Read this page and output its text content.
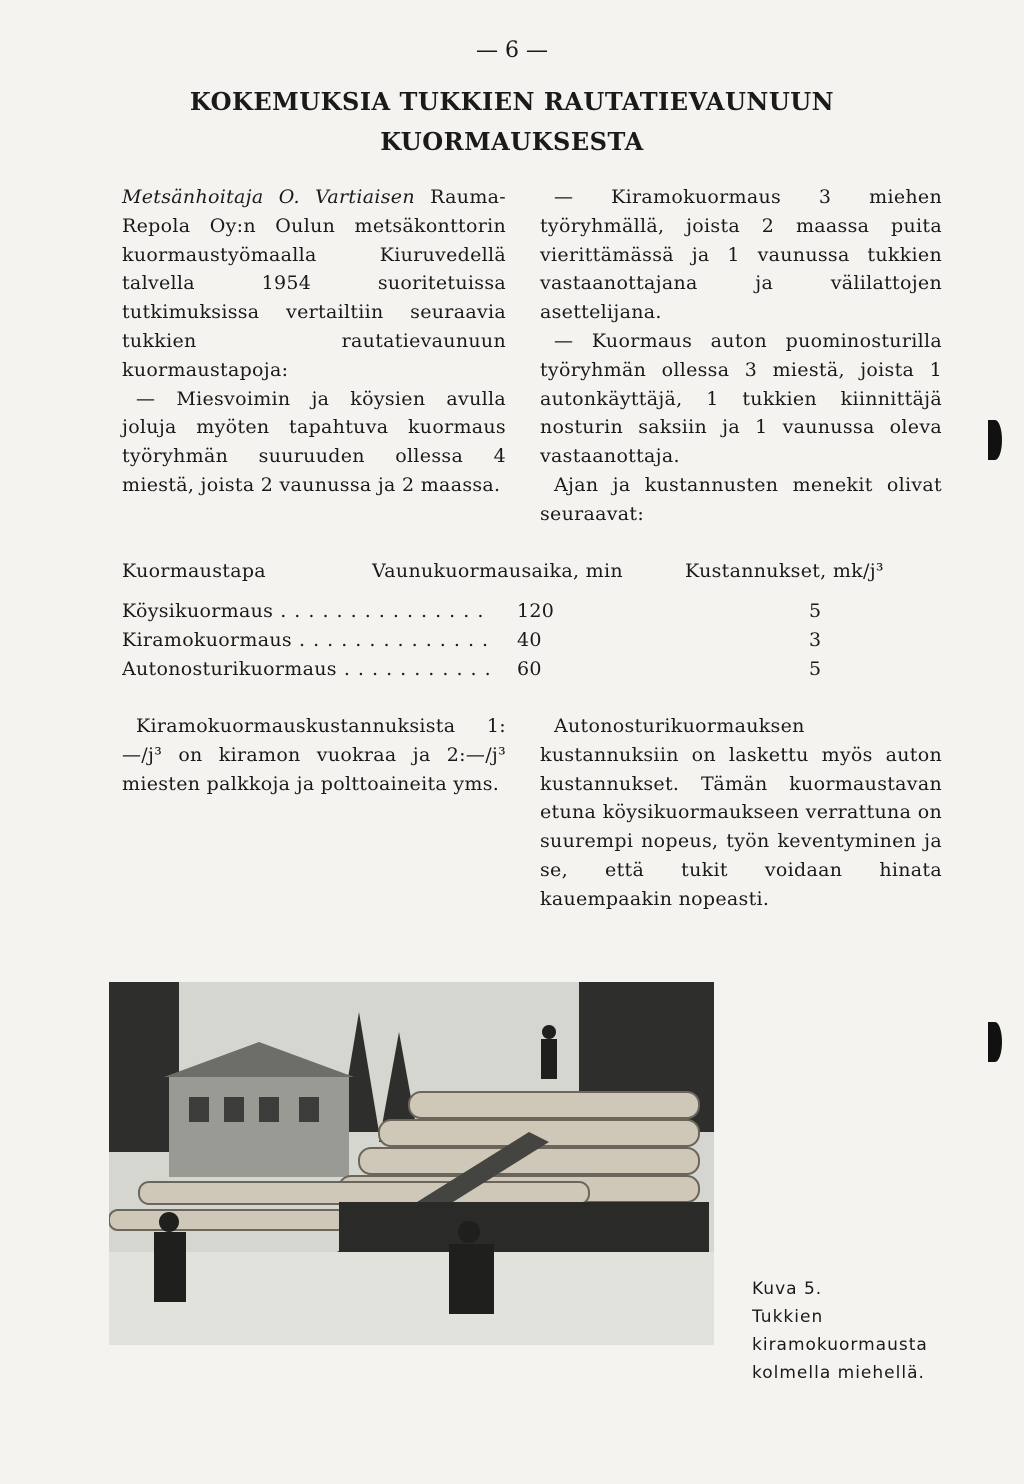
— 6 —
KOKEMUKSIA TUKKIEN RAUTATIEVAUNUUN
KUORMAUKSESTA

Metsänhoitaja O. Vartiaisen Rauma-Repola Oy:n Oulun metsäkonttorin kuormaustyömaalla Kiuruvedellä talvella 1954 suoritetuissa tutkimuksissa vertailtiin seuraavia tukkien rautatievaunuun kuormaustapoja:

— Miesvoimin ja köysien avulla joluja myöten tapahtuva kuormaus työryhmän suuruuden ollessa 4 miestä, joista 2 vaunussa ja 2 maassa.

— Kiramokuormaus 3 miehen työryhmällä, joista 2 maassa puita vierittämässä ja 1 vaunussa tukkien vastaanottajana ja välilattojen asettelijana.

— Kuormaus auton puominosturilla työryhmän ollessa 3 miestä, joista 1 autonkäyttäjä, 1 tukkien kiinnittäjä nosturin saksiin ja 1 vaunussa oleva vastaanottaja.

Ajan ja kustannusten menekit olivat seuraavat:

Kuormaustapa	Vaunukuormausaika, min	Kustannukset, mk/j³
Köysikuormaus . . .	120	5
Kiramokuormaus . . .	40	3
Autonosturikuormaus . . .	60	5

Kiramokuormauskustannuksista 1:—/j³ on kiramon vuokraa ja 2:—/j³ miesten palkkoja ja polttoaineita yms.

Autonosturikuormauksen kustannuksiin on laskettu myös auton kustannukset. Tämän kuormaustavan etuna köysikuormaukseen verrattuna on suurempi nopeus, työn keventyminen ja se, että tukit voidaan hinata kauempaakin nopeasti.

Kuva 5.

Tukkien kiramokuormausta kolmella miehellä.
